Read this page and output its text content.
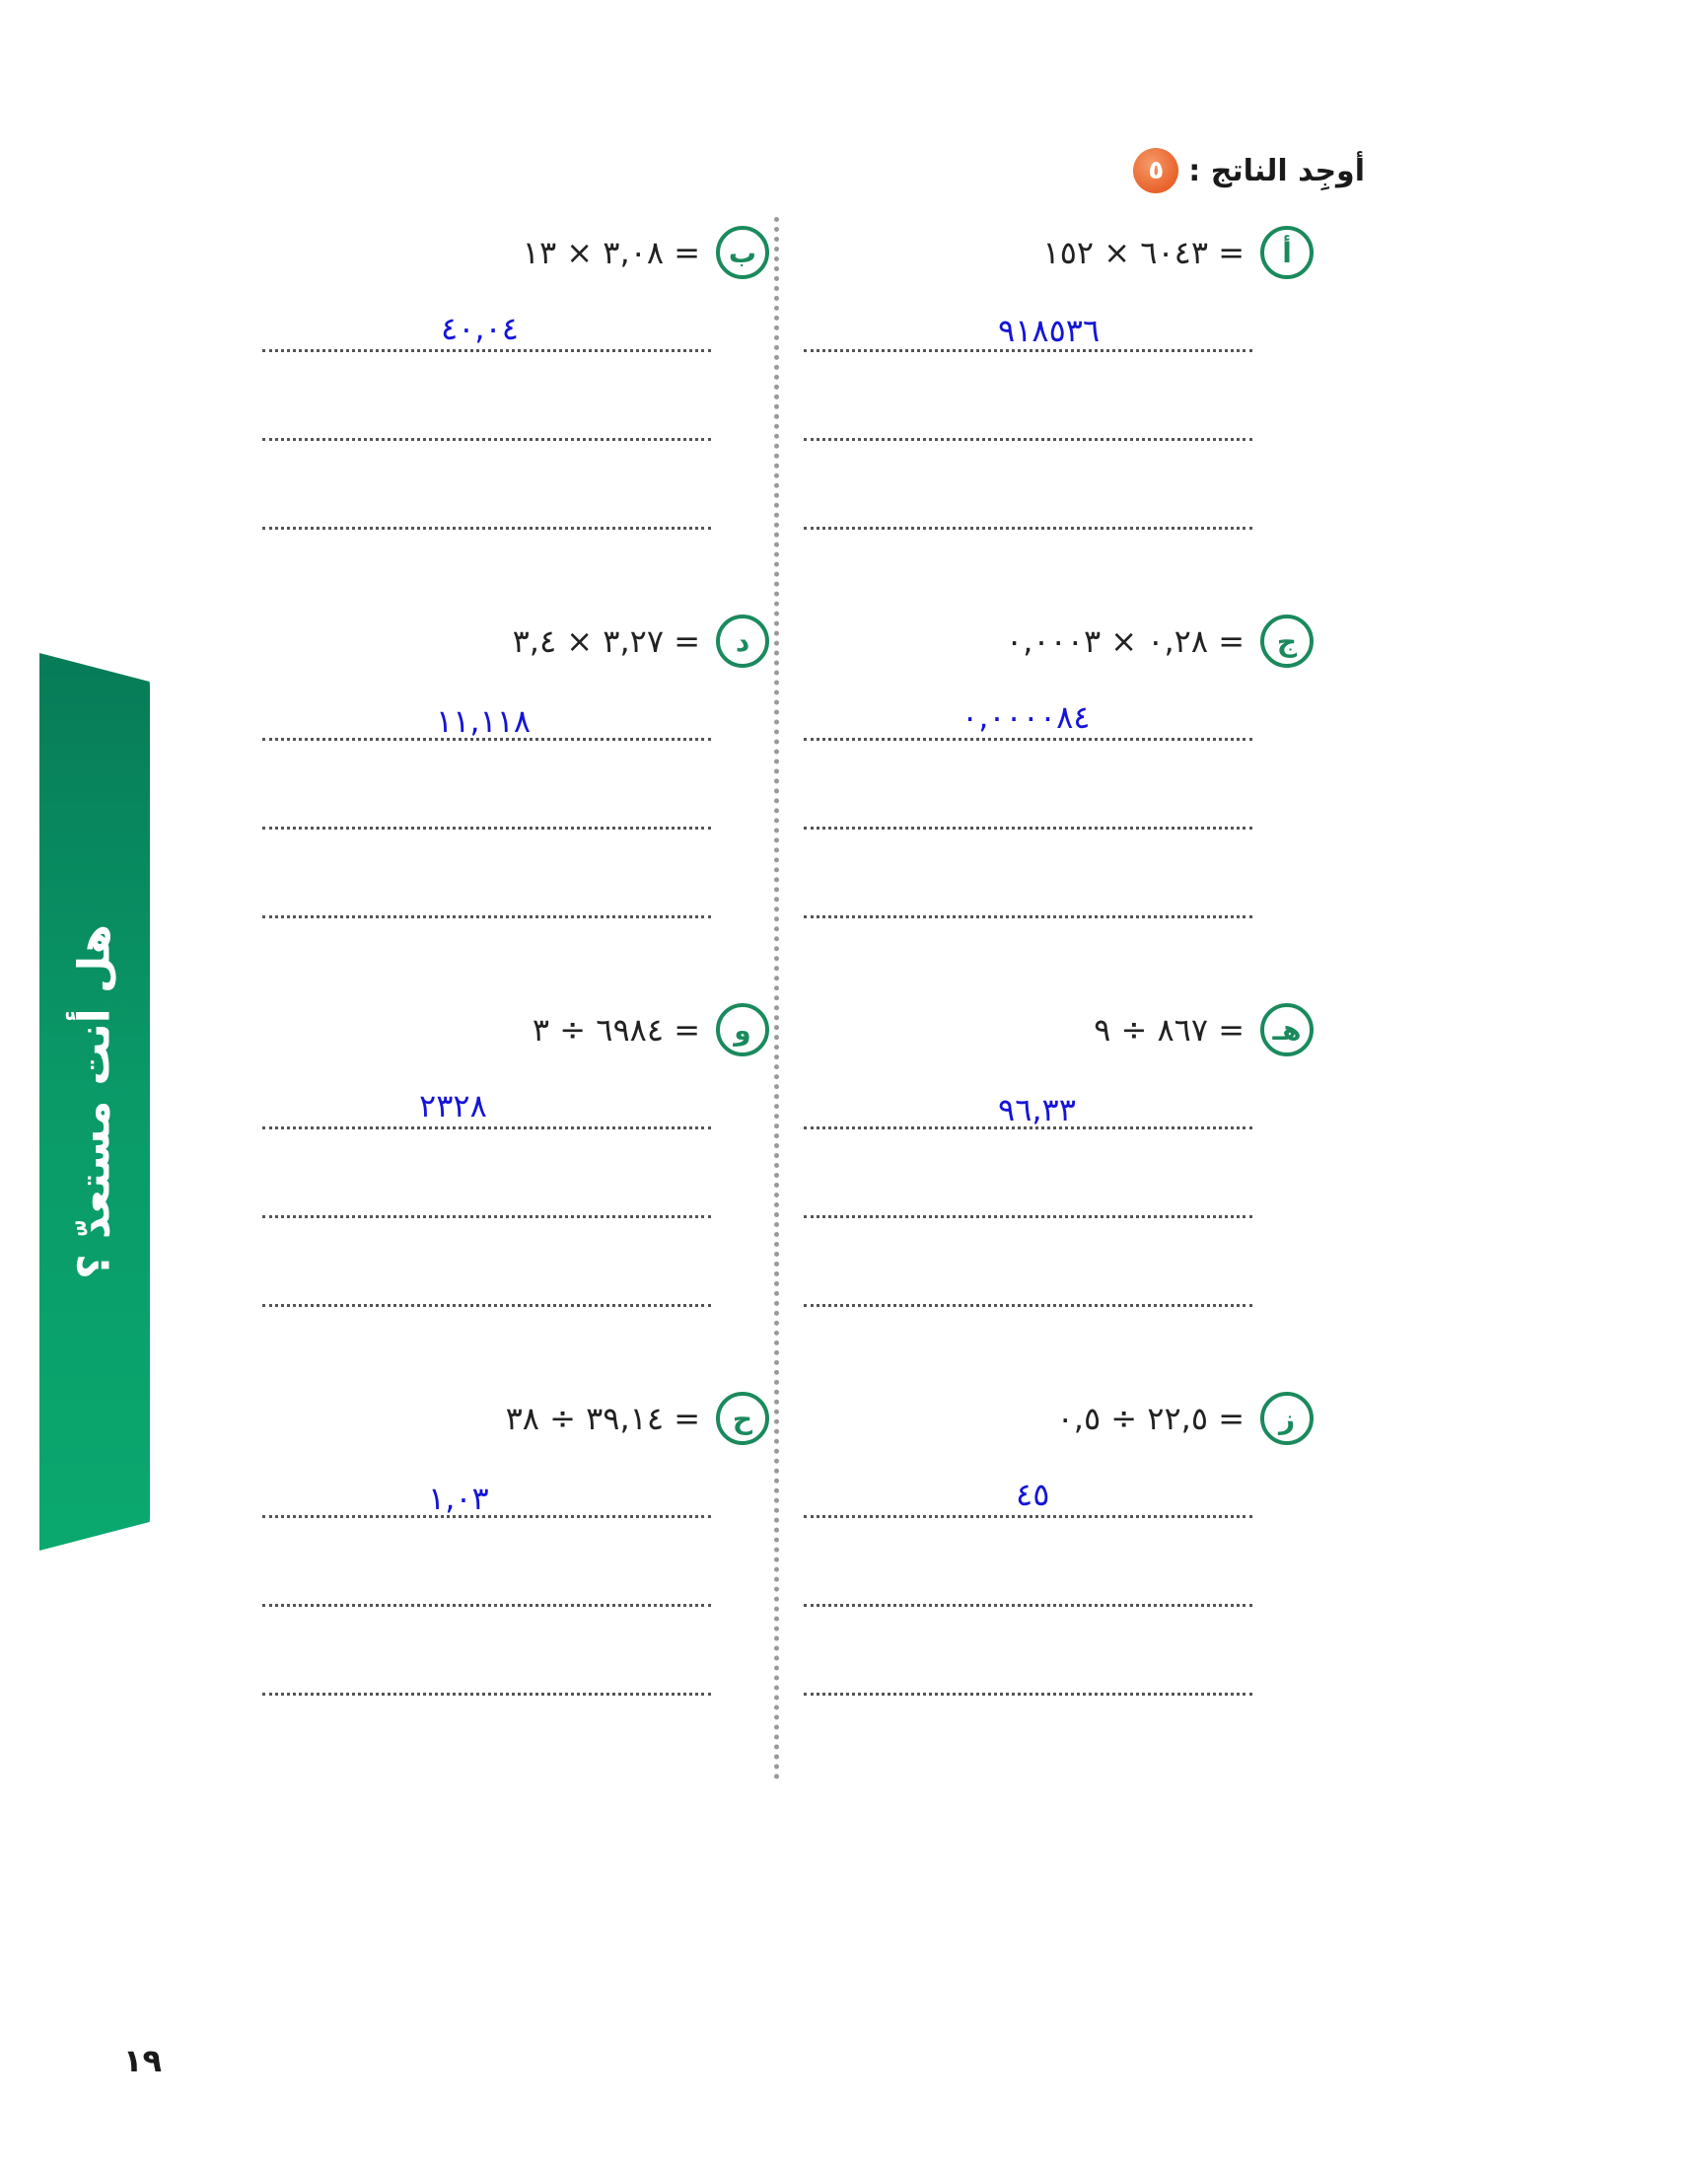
هل أنت مستعدّ ؟
٥ أوجِد الناتج :
أ
٦٠٤٣ × ١٥٢ =
٩١٨٥٣٦
ب
٣,٠٨ × ١٣ =
٤٠,٠٤
ج
٠,٢٨ × ٠,٠٠٠٣ =
٠,٠٠٠٠٨٤
د
٣,٢٧ × ٣,٤ =
١١,١١٨
هـ
٨٦٧ ÷ ٩ =
٩٦,٣٣
و
٦٩٨٤ ÷ ٣ =
٢٣٢٨
ز
٢٢,٥ ÷ ٠,٥ =
٤٥
ح
٣٩,١٤ ÷ ٣٨ =
١,٠٣
١٩
